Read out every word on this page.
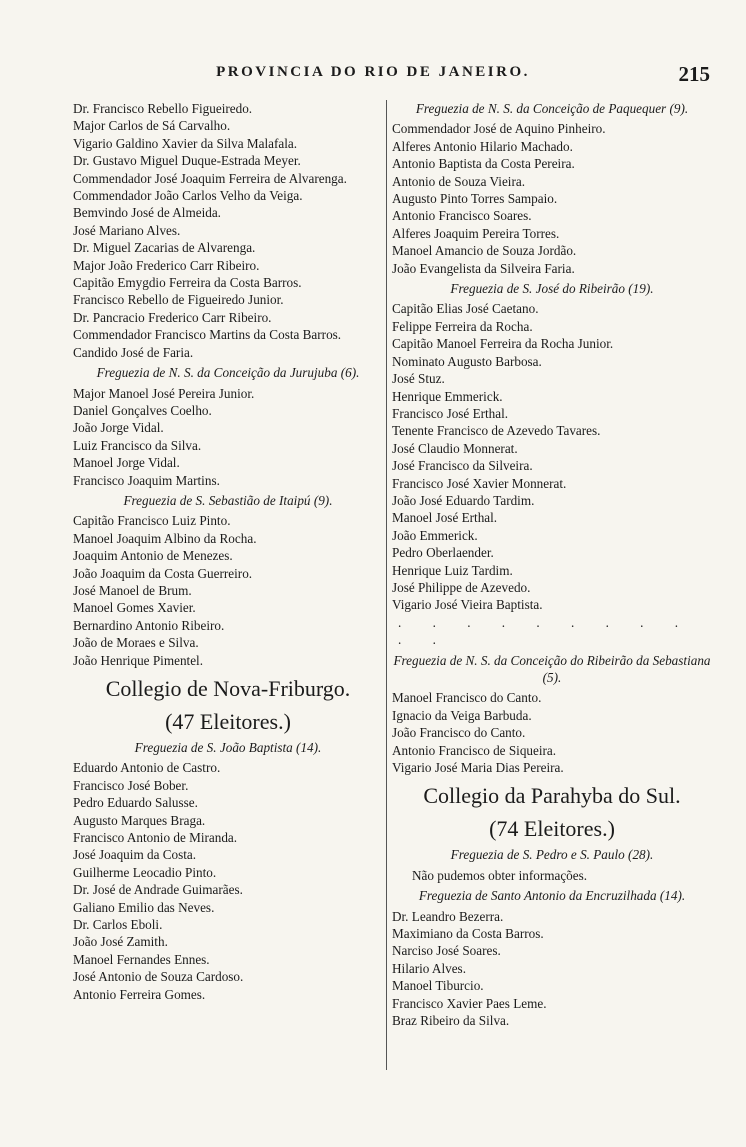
PROVINCIA DO RIO DE JANEIRO.	215
Dr. Francisco Rebello Figueiredo.
Major Carlos de Sá Carvalho.
Vigario Galdino Xavier da Silva Malafala.
Dr. Gustavo Miguel Duque-Estrada Meyer.
Commendador José Joaquim Ferreira de Alvarenga.
Commendador João Carlos Velho da Veiga.
Bemvindo José de Almeida.
José Mariano Alves.
Dr. Miguel Zacarias de Alvarenga.
Major João Frederico Carr Ribeiro.
Capitão Emygdio Ferreira da Costa Barros.
Francisco Rebello de Figueiredo Junior.
Dr. Pancracio Frederico Carr Ribeiro.
Commendador Francisco Martins da Costa Barros.
Candido José de Faria.
Freguezia de N. S. da Conceição da Jurujuba (6).
Major Manoel José Pereira Junior.
Daniel Gonçalves Coelho.
João Jorge Vidal.
Luiz Francisco da Silva.
Manoel Jorge Vidal.
Francisco Joaquim Martins.
Freguezia de S. Sebastião de Itaipú (9).
Capitão Francisco Luiz Pinto.
Manoel Joaquim Albino da Rocha.
Joaquim Antonio de Menezes.
João Joaquim da Costa Guerreiro.
José Manoel de Brum.
Manoel Gomes Xavier.
Bernardino Antonio Ribeiro.
João de Moraes e Silva.
João Henrique Pimentel.
Collegio de Nova-Friburgo.
(47 Eleitores.)
Freguezia de S. João Baptista (14).
Eduardo Antonio de Castro.
Francisco José Bober.
Pedro Eduardo Salusse.
Augusto Marques Braga.
Francisco Antonio de Miranda.
José Joaquim da Costa.
Guilherme Leocadio Pinto.
Dr. José de Andrade Guimarães.
Galiano Emilio das Neves.
Dr. Carlos Eboli.
João José Zamith.
Manoel Fernandes Ennes.
José Antonio de Souza Cardoso.
Antonio Ferreira Gomes.
Freguezia de N. S. da Conceição de Paquequer (9).
Commendador José de Aquino Pinheiro.
Alferes Antonio Hilario Machado.
Antonio Baptista da Costa Pereira.
Antonio de Souza Vieira.
Augusto Pinto Torres Sampaio.
Antonio Francisco Soares.
Alferes Joaquim Pereira Torres.
Manoel Amancio de Souza Jordão.
João Evangelista da Silveira Faria.
Freguezia de S. José do Ribeirão (19).
Capitão Elias José Caetano.
Felippe Ferreira da Rocha.
Capitão Manoel Ferreira da Rocha Junior.
Nominato Augusto Barbosa.
José Stuz.
Henrique Emmerick.
Francisco José Erthal.
Tenente Francisco de Azevedo Tavares.
José Claudio Monnerat.
José Francisco da Silveira.
Francisco José Xavier Monnerat.
João José Eduardo Tardim.
Manoel José Erthal.
João Emmerick.
Pedro Oberlaender.
Henrique Luiz Tardim.
José Philippe de Azevedo.
Vigario José Vieira Baptista.
. . . . . . . . . . .
Freguezia de N. S. da Conceição do Ribeirão da Sebastiana (5).
Manoel Francisco do Canto.
Ignacio da Veiga Barbuda.
João Francisco do Canto.
Antonio Francisco de Siqueira.
Vigario José Maria Dias Pereira.
Collegio da Parahyba do Sul.
(74 Eleitores.)
Freguezia de S. Pedro e S. Paulo (28).
Não pudemos obter informações.
Freguezia de Santo Antonio da Encruzilhada (14).
Dr. Leandro Bezerra.
Maximiano da Costa Barros.
Narciso José Soares.
Hilario Alves.
Manoel Tiburcio.
Francisco Xavier Paes Leme.
Braz Ribeiro da Silva.
